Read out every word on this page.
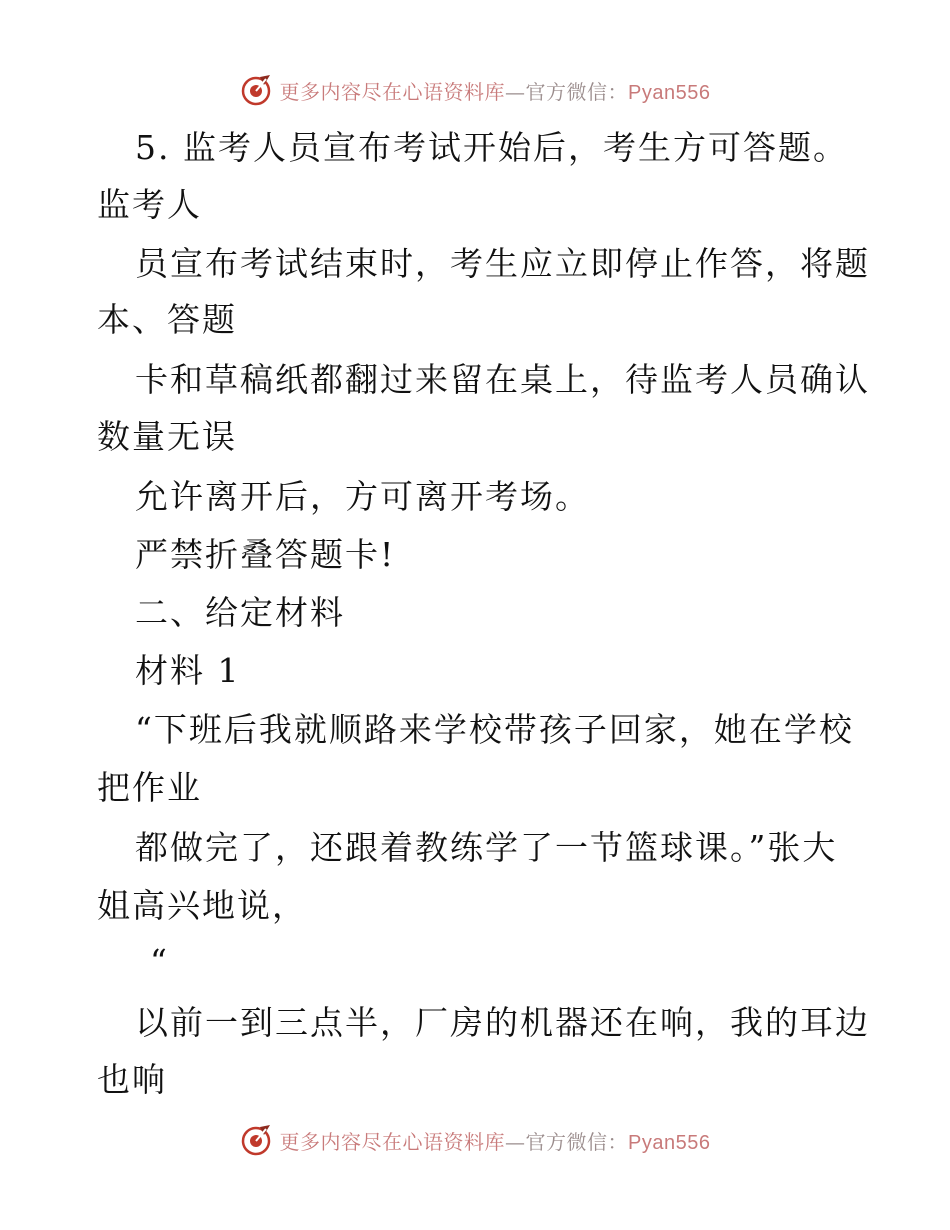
更多内容尽在心语资料库—官方微信：Pyan556
5. 监考人员宣布考试开始后，考生方可答题。
监考人
员宣布考试结束时，考生应立即停止作答，将题
本、答题
卡和草稿纸都翻过来留在桌上，待监考人员确认
数量无误
允许离开后，方可离开考场。
严禁折叠答题卡!
二、给定材料
材料 1
“下班后我就顺路来学校带孩子回家，她在学校
把作业
都做完了，还跟着教练学了一节篮球课。”张大
姐高兴地说，
“
以前一到三点半，厂房的机器还在响，我的耳边
也响
更多内容尽在心语资料库—官方微信：Pyan556
